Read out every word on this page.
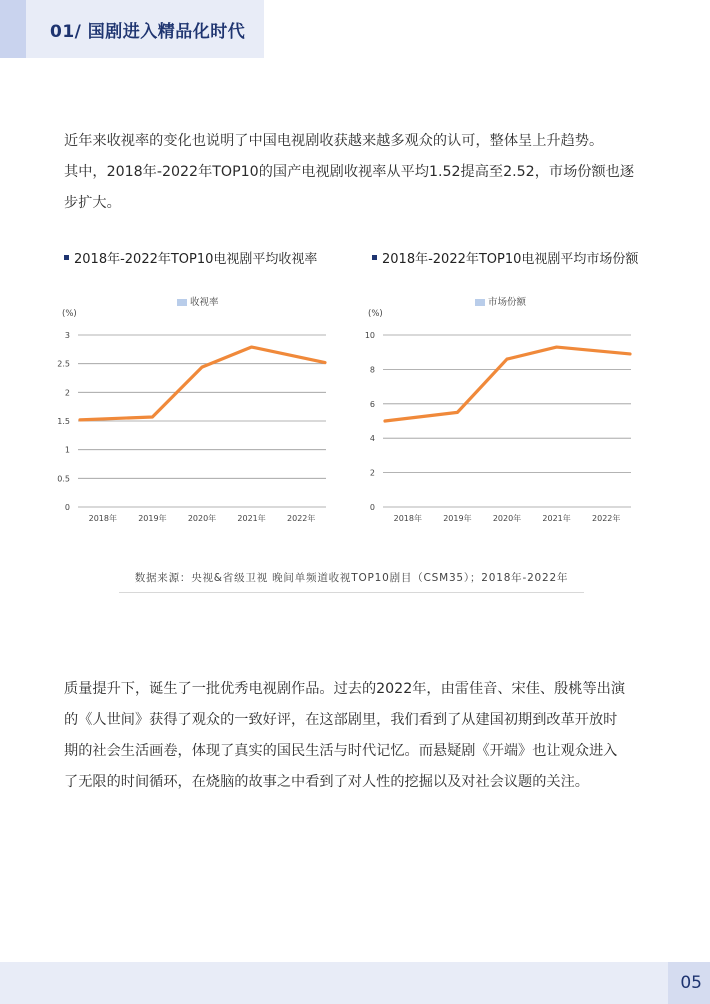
01/ 国剧进入精品化时代

近年来收视率的变化也说明了中国电视剧收获越来越多观众的认可，整体呈上升趋势。

其中，2018年-2022年TOP10的国产电视剧收视率从平均1.52提高至2.52，市场份额也逐

步扩大。

2018年-2022年TOP10电视剧平均收视率	2018年-2022年TOP10电视剧平均市场份额
收视率
(%)
0
0.5
1
1.5
2
2.5
3
2018年	2019年	2020年	2021年	2022年
市场份额
(%)
0
2
4
6
8
10
2018年	2019年	2020年	2021年	2022年
数据来源：央视&省级卫视 晚间单频道收视TOP10剧目（CSM35）；2018年-2022年

质量提升下，诞生了一批优秀电视剧作品。过去的2022年，由雷佳音、宋佳、殷桃等出演

的《人世间》获得了观众的一致好评，在这部剧里，我们看到了从建国初期到改革开放时

期的社会生活画卷，体现了真实的国民生活与时代记忆。而悬疑剧《开端》也让观众进入

了无限的时间循环，在烧脑的故事之中看到了对人性的挖掘以及对社会议题的关注。

05
